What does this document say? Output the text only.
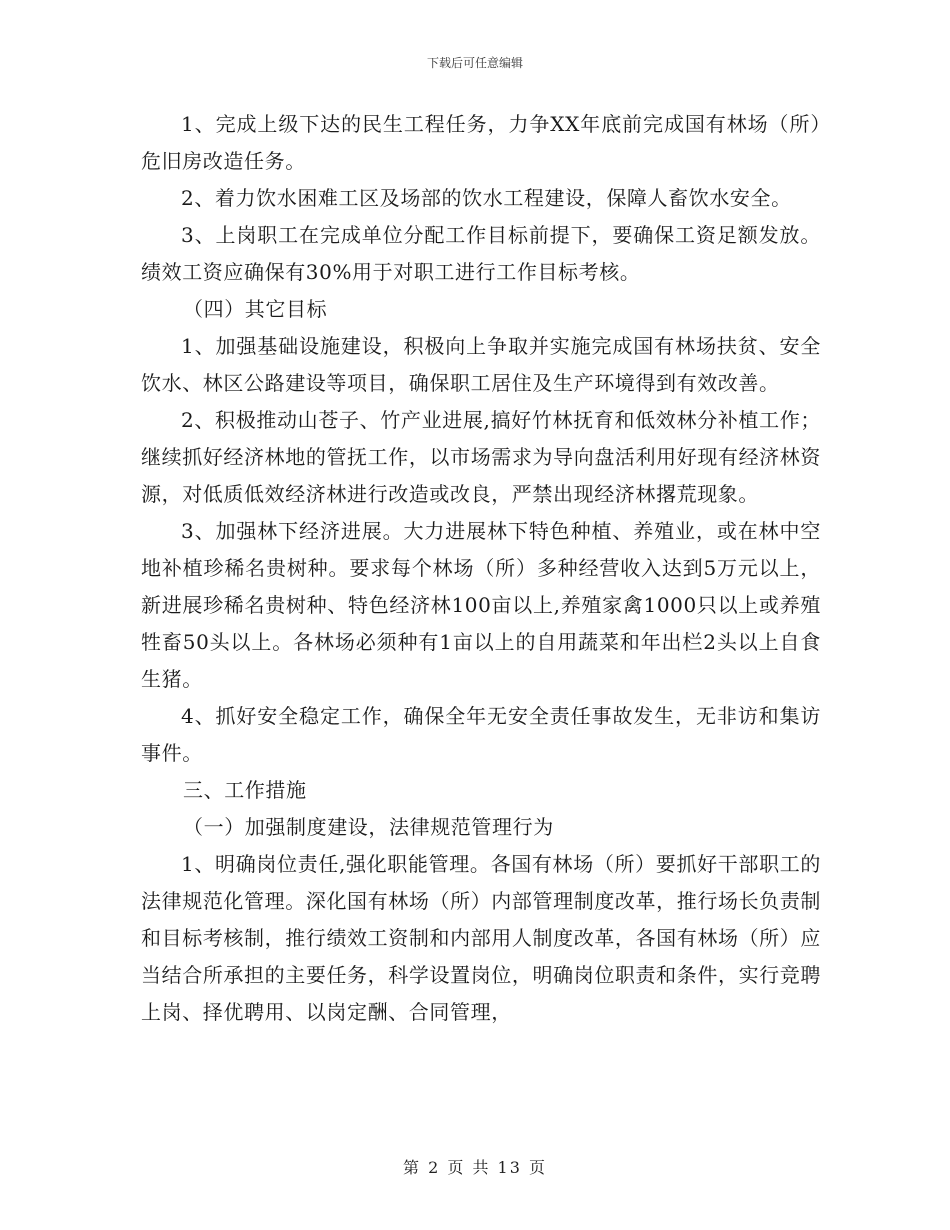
下载后可任意编辑

1、完成上级下达的民生工程任务，力争XX年底前完成国有林场（所）危旧房改造任务。

2、着力饮水困难工区及场部的饮水工程建设，保障人畜饮水安全。

3、上岗职工在完成单位分配工作目标前提下，要确保工资足额发放。绩效工资应确保有30%用于对职工进行工作目标考核。

（四）其它目标

1、加强基础设施建设，积极向上争取并实施完成国有林场扶贫、安全饮水、林区公路建设等项目，确保职工居住及生产环境得到有效改善。

2、积极推动山苍子、竹产业进展,搞好竹林抚育和低效林分补植工作；继续抓好经济林地的管抚工作，以市场需求为导向盘活利用好现有经济林资源，对低质低效经济林进行改造或改良，严禁出现经济林撂荒现象。

3、加强林下经济进展。大力进展林下特色种植、养殖业，或在林中空地补植珍稀名贵树种。要求每个林场（所）多种经营收入达到5万元以上，新进展珍稀名贵树种、特色经济林100亩以上,养殖家禽1000只以上或养殖牲畜50头以上。各林场必须种有1亩以上的自用蔬菜和年出栏2头以上自食生猪。

4、抓好安全稳定工作，确保全年无安全责任事故发生，无非访和集访事件。

三、工作措施

（一）加强制度建设，法律规范管理行为

1、明确岗位责任,强化职能管理。各国有林场（所）要抓好干部职工的法律规范化管理。深化国有林场（所）内部管理制度改革，推行场长负责制和目标考核制，推行绩效工资制和内部用人制度改革，各国有林场（所）应当结合所承担的主要任务，科学设置岗位，明确岗位职责和条件，实行竞聘上岗、择优聘用、以岗定酬、合同管理，

第 2 页 共 13 页
